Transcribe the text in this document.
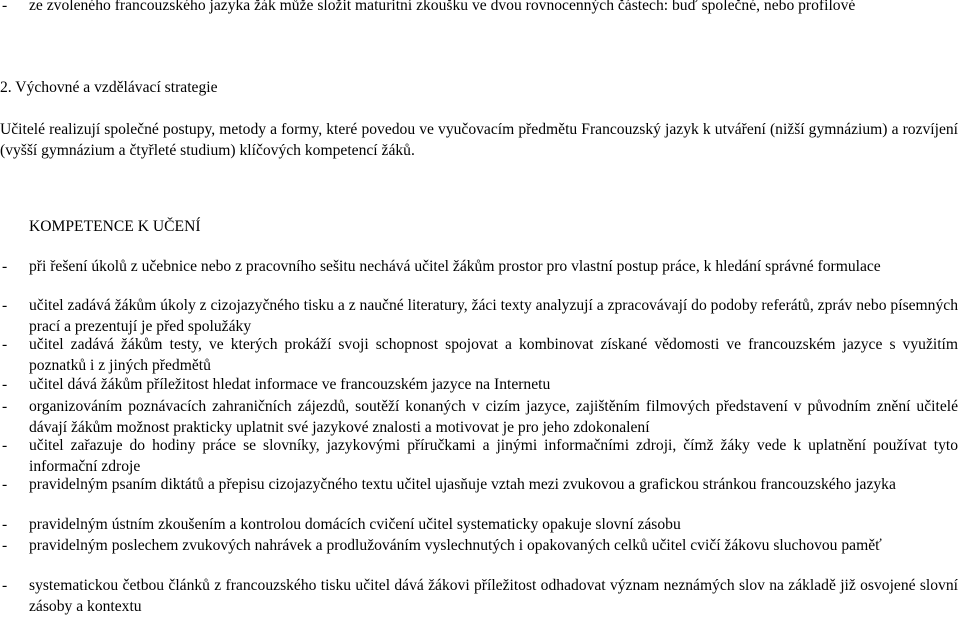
- ze zvoleného francouzského jazyka žák může složit maturitní zkoušku ve dvou rovnocenných částech: buď společné, nebo profilové
2. Výchovné a vzdělávací strategie
Učitelé realizují společné postupy, metody a formy, které povedou ve vyučovacím předmětu Francouzský jazyk k utváření (nižší gymnázium) a rozvíjení (vyšší gymnázium a čtyřleté studium) klíčových kompetencí žáků.
KOMPETENCE K UČENÍ
- při řešení úkolů z učebnice nebo z pracovního sešitu nechává učitel žákům prostor pro vlastní postup práce, k hledání správné formulace
- učitel zadává žákům úkoly z cizojazyčného tisku a z naučné literatury, žáci texty analyzují a zpracovávají do podoby referátů, zpráv nebo písemných prací a prezentují je před spolužáky
- učitel zadává žákům testy, ve kterých prokáží svoji schopnost spojovat a kombinovat získané vědomosti ve francouzském jazyce s využitím poznatků i z jiných předmětů
- učitel dává žákům příležitost hledat informace ve francouzském jazyce na Internetu
- organizováním poznávacích zahraničních zájezdů, soutěží konaných v cizím jazyce, zajištěním filmových představení v původním znění učitelé dávají žákům možnost prakticky uplatnit své jazykové znalosti a motivovat je pro jeho zdokonalení
- učitel zařazuje do hodiny práce se slovníky, jazykovými příručkami a jinými informačními zdroji, čímž žáky vede k uplatnění používat tyto informační zdroje
- pravidelným psaním diktátů a přepisu cizojazyčného textu učitel ujasňuje vztah mezi zvukovou a grafickou stránkou francouzského jazyka
- pravidelným ústním zkoušením a kontrolou domácích cvičení učitel systematicky opakuje slovní zásobu
- pravidelným poslechem zvukových nahrávek a prodlužováním vyslechnutých i opakovaných celků učitel cvičí žákovu sluchovou paměť
- systematickou četbou článků z francouzského tisku učitel dává žákovi příležitost odhadovat význam neznámých slov na základě již osvojené slovní zásoby a kontextu
